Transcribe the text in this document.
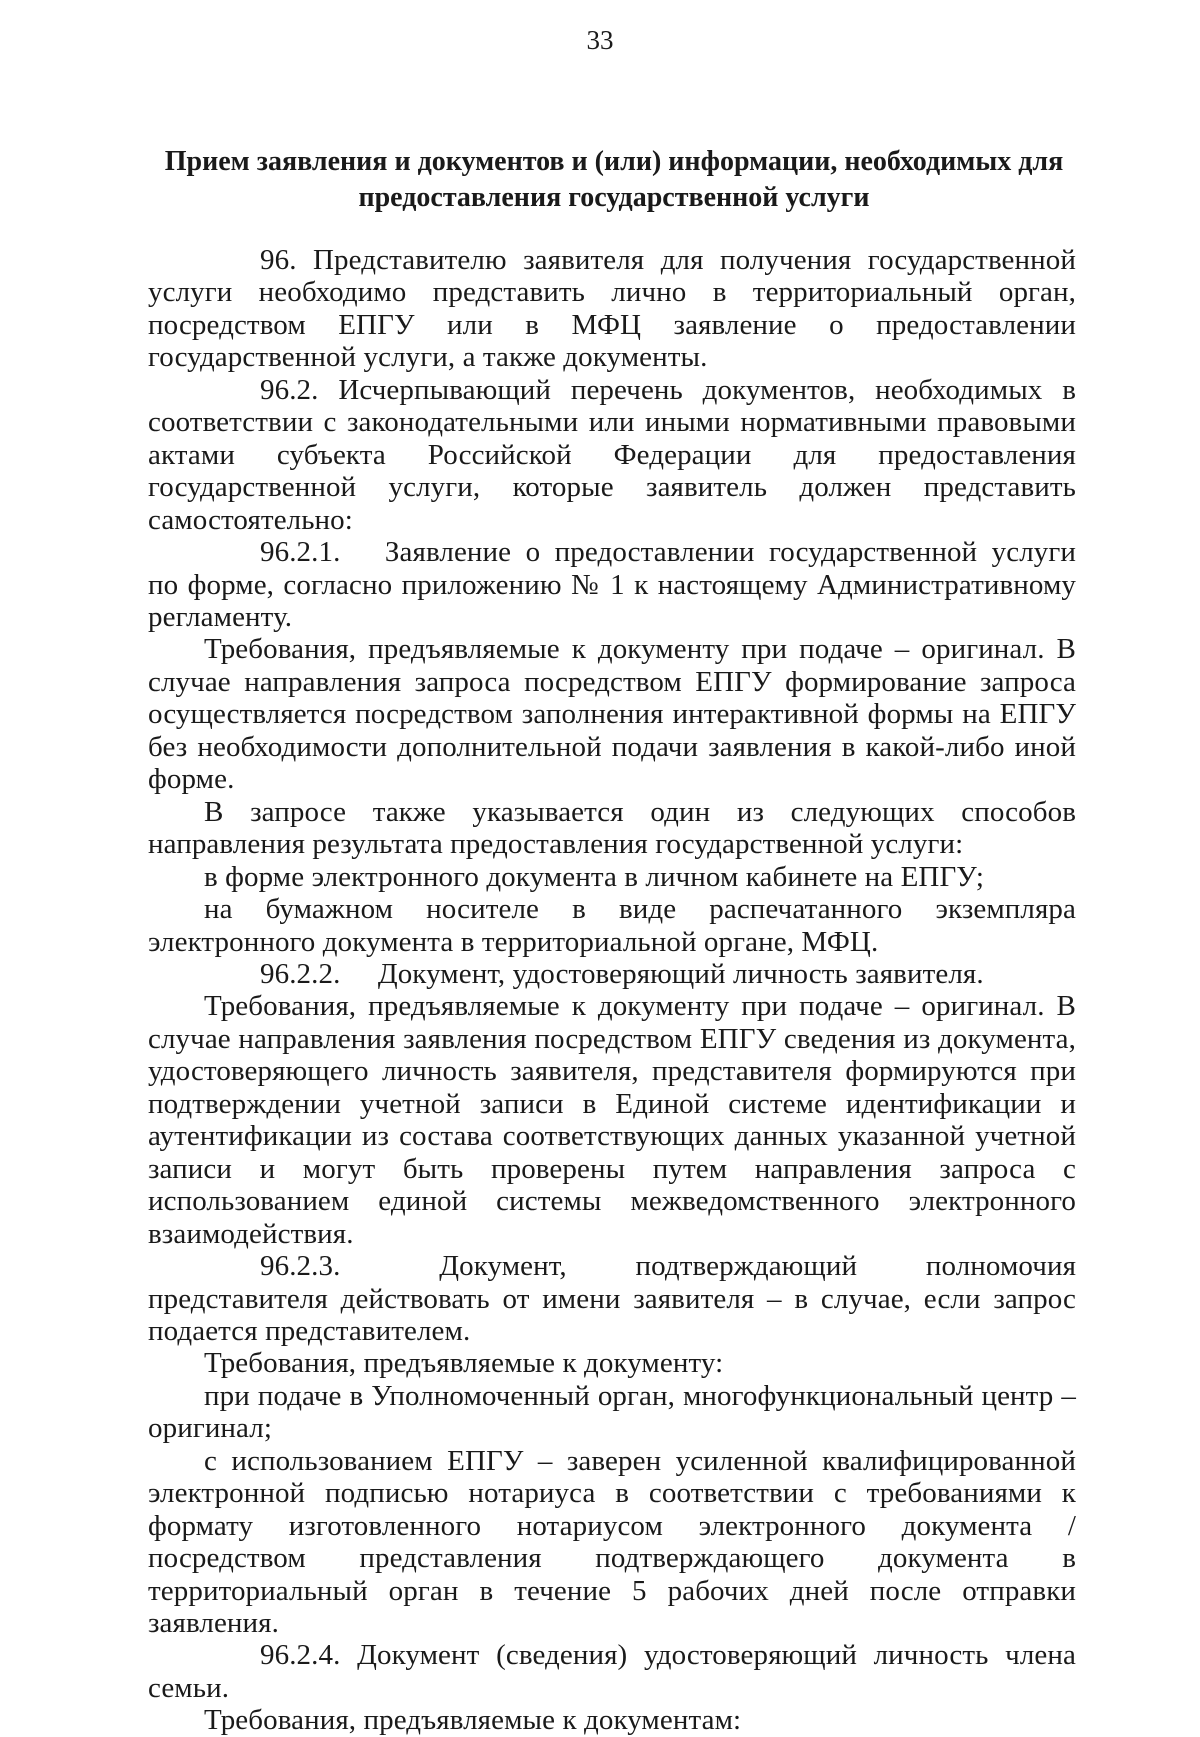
33
Прием заявления и документов и (или) информации, необходимых для
предоставления государственной услуги

96. Представителю заявителя для получения государственной услуги необходимо представить лично в территориальный орган, посредством ЕПГУ или в МФЦ заявление о предоставлении государственной услуги, а также документы.

96.2. Исчерпывающий перечень документов, необходимых в соответствии с законодательными или иными нормативными правовыми актами субъекта Российской Федерации для предоставления государственной услуги, которые заявитель должен представить самостоятельно:

96.2.1. Заявление о предоставлении государственной услуги по форме, согласно приложению № 1 к настоящему Административному регламенту.

Требования, предъявляемые к документу при подаче – оригинал. В случае направления запроса посредством ЕПГУ формирование запроса осуществляется посредством заполнения интерактивной формы на ЕПГУ без необходимости дополнительной подачи заявления в какой-либо иной форме.

В запросе также указывается один из следующих способов направления результата предоставления государственной услуги:

в форме электронного документа в личном кабинете на ЕПГУ;

на бумажном носителе в виде распечатанного экземпляра электронного документа в территориальной органе, МФЦ.

96.2.2. Документ, удостоверяющий личность заявителя.

Требования, предъявляемые к документу при подаче – оригинал. В случае направления заявления посредством ЕПГУ сведения из документа, удостоверяющего личность заявителя, представителя формируются при подтверждении учетной записи в Единой системе идентификации и аутентификации из состава соответствующих данных указанной учетной записи и могут быть проверены путем направления запроса с использованием единой системы межведомственного электронного взаимодействия.

96.2.3.	Документ, подтверждающий полномочия представителя действовать от имени заявителя – в случае, если запрос подается представителем.

Требования, предъявляемые к документу:

при подаче в Уполномоченный орган, многофункциональный центр – оригинал;

с использованием ЕПГУ – заверен усиленной квалифицированной электронной подписью нотариуса в соответствии с требованиями к формату изготовленного нотариусом электронного документа / посредством представления подтверждающего документа в территориальный орган в течение 5 рабочих дней после отправки заявления.

96.2.4. Документ (сведения) удостоверяющий личность члена семьи.

Требования, предъявляемые к документам:
